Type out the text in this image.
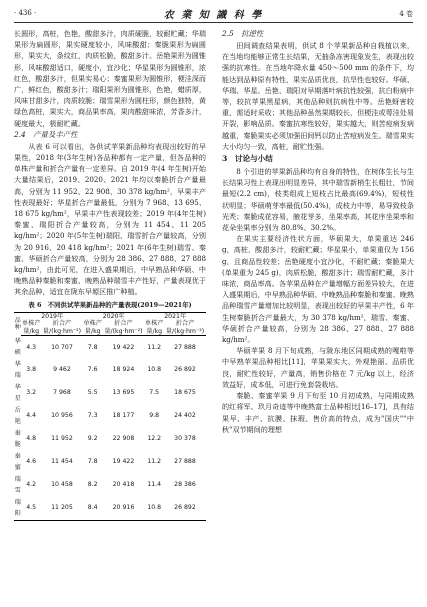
· 436 ·	农 業 知 識 科 學	4 卷

长圆形，高桩，色艳，酸甜多汁，肉质硬脆，较耐贮藏；华瑞果形为扁圆形，果实硬度较小，风味酸甜；秦脆果形为扁圆形，果实大，条纹红，肉质松脆，酸甜多汁。岳艳果形为圆锥形，风味酸甜适口，硬度小，宜沙化；华星果形为圆锥形，浓红色，酸甜多汁，但果实易心；秦蜜果形为圆锥形，梗洼深而广，鲜红色，酸甜多汁；瑞阳果形为圆锥形，色艳，蜡质厚，风味甘甜多汁，肉质较脆；瑞雪果形为圆柱形，颜色独特，黄绿色高桩，果实大，商品果率高，果肉酸甜味浓，芳香多汁，硬度最大，极耐贮藏。

2.4　产量及丰产性

从表 6 可以看出，各供试苹果新品种均表现出较好的早果性，2018 年(3年生树)各品种都有一定产量，但各品种的单株产量和折合产量有一定差异。自 2019 年(4 年生树)开始大量结果后，2019、2020、2021 年均以秦脆折合产量最高，分别为 11 952、22 908、30 378 kg/hm²，早果丰产性表现最好；华星折合产量最低，分别为 7 968、13 695、18 675 kg/hm²，早果丰产性表现较差；2019 年(4年生树)秦蜜、瑞阳折合产量较高，分别为 11 454、11 205 kg/hm²；2020 年(5年生树)瑞阳、瑞雪折合产量较高，分别为 20 916、20 418 kg/hm²；2021 年(6年生树)瑞雪、秦蜜、华硕折合产量较高，分别为 28 386、27 888、27 888 kg/hm²，由此可见，在进入盛果期后，中早熟品种华硕、中晚熟品种秦脆和秦蜜、晚熟品种瑞雪丰产性好，产量表现优于其余品种，适宜在陇东早塬区推广种植。

表 6　不同供试苹果新品种的产量表现(2019—2021年)
品种	2019年		2020年		2021年	
	单株产量/kg	折合产量/(kg·hm⁻²)	单株产量/kg	折合产量/(kg·hm⁻²)	单株产量/kg	折合产量/(kg·hm⁻²)
华硕	4.3	10 707	7.8	19 422	11.2	27 888
华瑞	3.8	9 462	7.6	18 924	10.8	26 892
华星	3.2	7 968	5.5	13 695	7.5	18 675
岳艳	4.4	10 956	7.3	18 177	9.8	24 402
秦脆	4.8	11 952	9.2	22 908	12.2	30 378
秦蜜	4.6	11 454	7.8	19 422	11.2	27 888
瑞雪	4.2	10 458	8.2	20 418	11.4	28 386
瑞阳	4.5	11 205	8.4	20 916	10.8	26 892
2.5　抗逆性

田间调查结果表明，供试 8 个苹果新品种自栽植以来，在当地均能够正常生长结果，无抽条冻害现象发生，表现出较强的抗寒性。在当地年降水量 450～500 mm 的条件下，均能达到品种原有特性，果实品质优良，抗旱性也较好。华硕、华瑞、华星、岳艳、瑞阳对早期落叶病抗性较强，抗白粉病中等，较抗苹果黑星病，其他品种则抗病性中等。岳艳蚜害较重，需适时采收；其他品种虽然果期较长，但梗洼或萼洼处易开裂，影响品质。秦蜜抗寒性较好，果实越大，则苦痘病发病越重，秦脆果实必须加强田间钙以防止苦痘病发生。瑞雪果实大小均匀一致，高桩，耐贮性强。

3　讨论与小结

8 个引进的苹果新品种均有自身的特性，在树体生长与生长结果习性上表现出明显差异，其中瑞雪新梢生长粗壮，节间最短(2.2 cm)，枝类组成上短枝占比最高(69.4%)，短枝性状明显；华硕萌芽率最低(50.4%)，成枝力中等，易导致枝条光秃；秦脆成花容易，腋花芽多，坐果率高，其花序坐果率和花朵坐果率分别为 80.8%、30.2%。

在果实主要经济性状方面，华硕果大，单果重达 246 g，高桩，酸甜多汁，较耐贮藏；华星果小，单果重仅为 156 g，且商品性较差；岳艳硬度小宜沙化，不耐贮藏；秦脆果大(单果重为 245 g)，肉质松脆，酸甜多汁；瑞雪耐贮藏，多汁味浓，商品率高。各苹果品种在产量增幅方面差异较大，在进入盛果期后，中早熟品种华硕、中晚熟品种秦脆和秦蜜、晚熟品种瑞雪产量增加比较明显，表现出较好的早果丰产性，6 年生树秦脆折合产量最大，为 30 378 kg/hm²，瑞雪、秦蜜、华硕折合产量较高，分别为 28 386、27 888、27 888 kg/hm²。

华硕苹果 8 月下旬成熟，与陇东地区同期成熟的嘎啦等中早熟苹果品种相比[11]，苹果果实大、外观艳丽、品质优良，耐贮性较好，产量高，销售价格在 7 元/kg 以上，经济效益好，成本低，可进行免套袋栽培。

秦脆、秦蜜苹果 9 月下旬至 10 月初成熟，与同期成熟的红将军、玖月奇迹等中晚熟富士品种相比[16–17]，具有结果早、丰产、抗膜、抹瑕、售价高的特点，成为"国庆""中秋"双节期间的理想
